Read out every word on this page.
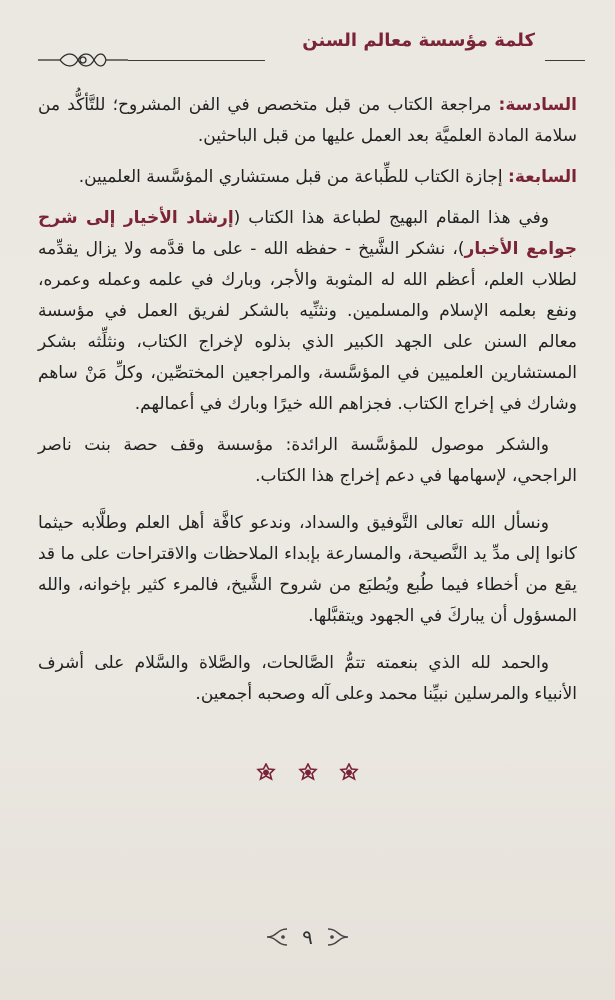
كلمة مؤسسة معالم السنن

السادسة: مراجعة الكتاب من قبل متخصص في الفن المشروح؛ للتَّأكُّد من سلامة المادة العلميَّة بعد العمل عليها من قبل الباحثين.

السابعة: إجازة الكتاب للطِّباعة من قبل مستشاري المؤسَّسة العلميين.

وفي هذا المقام البهيج لطباعة هذا الكتاب (إرشاد الأخيار إلى شرح جوامع الأخبار)، نشكر الشَّيخ - حفظه الله - على ما قدَّمه ولا يزال يقدِّمه لطلاب العلم، أعظم الله له المثوبة والأجر، وبارك في علمه وعمله وعمره، ونفع بعلمه الإسلام والمسلمين. ونثنِّيه بالشكر لفريق العمل في مؤسسة معالم السنن على الجهد الكبير الذي بذلوه لإخراج الكتاب، ونثلِّثه بشكر المستشارين العلميين في المؤسَّسة، والمراجعين المختصِّين، وكلِّ مَنْ ساهم وشارك في إخراج الكتاب. فجزاهم الله خيرًا وبارك في أعمالهم.

والشكر موصول للمؤسَّسة الرائدة: مؤسسة وقف حصة بنت ناصر الراجحي، لإسهامها في دعم إخراج هذا الكتاب.

ونسأل الله تعالى التَّوفيق والسداد، وندعو كافَّة أهل العلم وطلَّابه حيثما كانوا إلى مدِّ يد النَّصيحة، والمسارعة بإبداء الملاحظات والاقتراحات على ما قد يقع من أخطاء فيما طُبع ويُطبَع من شروح الشَّيخ، فالمرء كثير بإخوانه، والله المسؤول أن يباركَ في الجهود ويتقبَّلها.

والحمد لله الذي بنعمته تتمُّ الصَّالحات، والصَّلاة والسَّلام على أشرف الأنبياء والمرسلين نبيِّنا محمد وعلى آله وصحبه أجمعين.

٩
